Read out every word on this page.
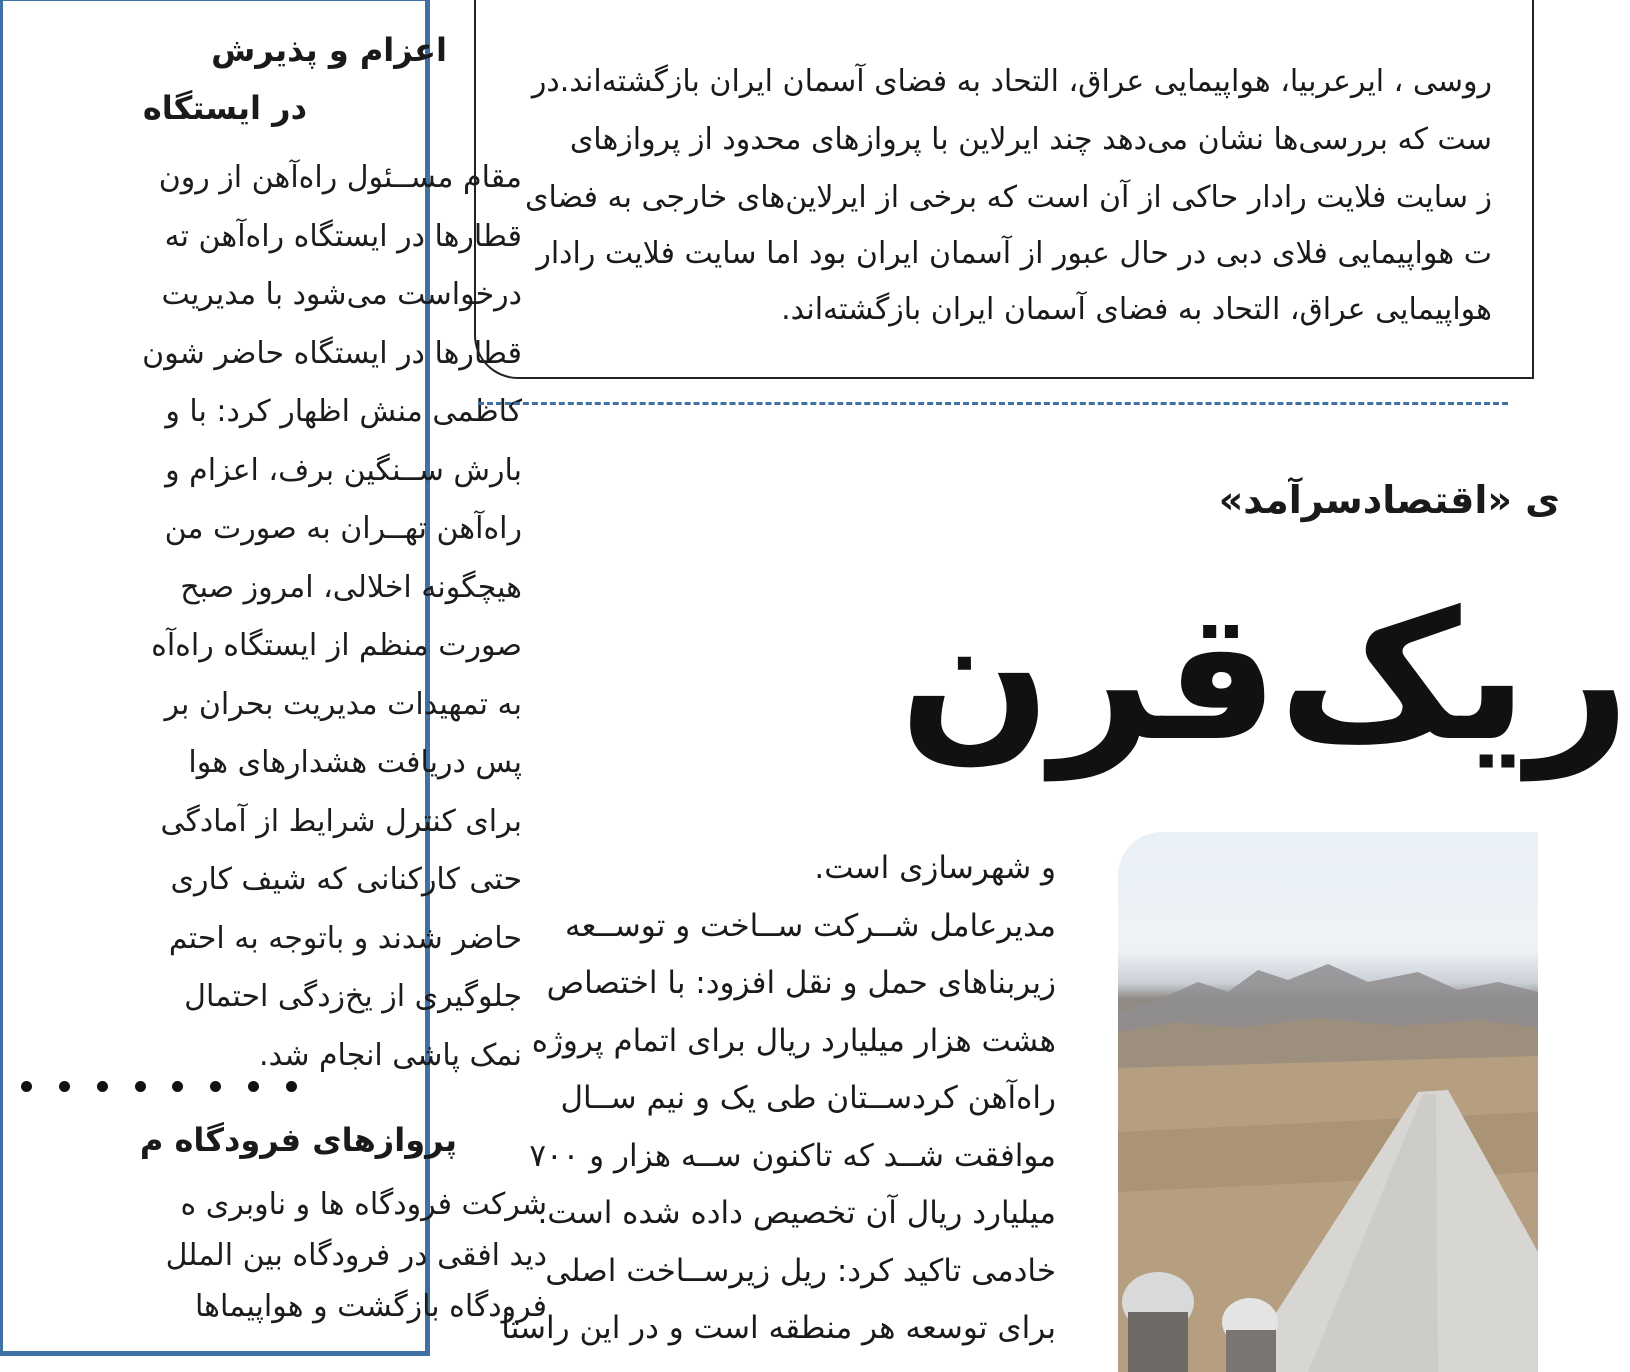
اعزام و پذیرش
در ایستگاه
مقام مســئول راه‌آهن از رون
قطارها در ایستگاه راه‌آهن ته
درخواست می‌شود با مدیریت
قطارها در ایستگاه حاضر شون
کاظمی منش اظهار کرد: با و
بارش ســنگین برف، اعزام و
راه‌آهن تهــران به صورت من
هیچگونه اخلالی، امروز صبح
صورت منظم از ایستگاه راه‌آه
به تمهیدات مدیریت بحران بر
پس دریافت هشدارهای هوا
برای کنترل شرایط از آمادگی
حتی کارکنانی که شیف کاری
حاضر شدند و باتوجه به احتم
جلوگیری از یخ‌زدگی احتمال
نمک پاشی انجام شد.
پروازهای فرودگاه م
شرکت فرودگاه ها و ناوبری ه
دید افقی در فرودگاه بین الملل
فرودگاه بازگشت و هواپیماها
روسی ، ایرعربیا، هواپیمایی عراق، التحاد به فضای آسمان ایران بازگشته‌اند.در
ست که بررسی‌ها نشان می‌دهد چند ایرلاین با پروازهای محدود از پروازهای
ز سایت فلایت رادار حاکی از آن است که برخی از ایرلاین‌های خارجی به فضای
ت هواپیمایی فلای دبی در حال عبور از آسمان ایران بود اما سایت فلایت رادار
هواپیمایی عراق، التحاد به فضای آسمان ایران بازگشته‌اند.
ی «اقتصادسرآمد»
ریک‌قرن
و شهرسازی است.
مدیرعامل شــرکت ســاخت و توســعه
زیربناهای حمل و نقل افزود: با اختصاص
هشت هزار میلیارد ریال برای اتمام پروژه
راه‌آهن کردســتان طی یک و نیم ســال
موافقت شــد که تاکنون ســه هزار و ۷۰۰
میلیارد ریال آن تخصیص داده شده است.
خادمی تاکید کرد: ریل زیرســاخت اصلی
برای توسعه هر منطقه است و در این راستا
